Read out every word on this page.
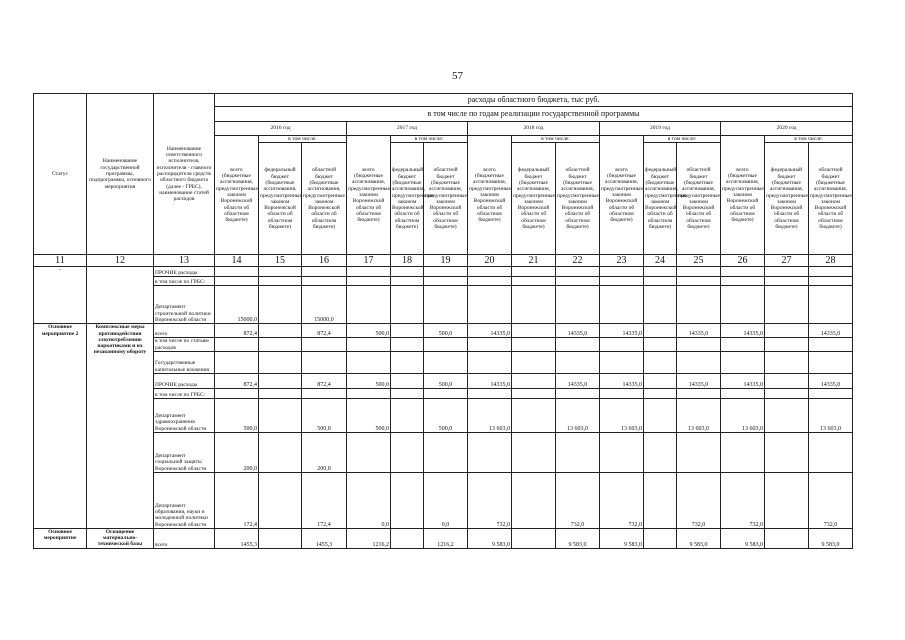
57
Статус	Наименование государственной программы, подпрограммы, основного мероприятия	Наименование ответственного исполнителя, исполнителя - главного распорядителя средств областного бюджета (далее - ГРБС), наименование статей расходов	расходы областного бюджета, тыс руб.															
			в том числе по годам реализации государственной программы															
			2016 год			2017 год			2018 год			2019 год			2020 год			
			всего (бюджетные ассигнования, предусмотренные законом Воронежской области об областном бюджете)	в том числе:		всего (бюджетные ассигнования, предусмотренные законом Воронежской области об областном бюджете)	в том числе:		всего (бюджетные ассигнования, предусмотренные законом Воронежской области об областном бюджете)	в том числе:		всего (бюджетные ассигнования, предусмотренные законом Воронежской области об областном бюджете)	в том числе:		всего (бюджетные ассигнования, предусмотренные законом Воронежской области об областном бюджете)	в том числе:		
				федеральный бюджет (бюджетные ассигнования, предусмотренные законом Воронежской области об областном бюджете)	областной бюджет (бюджетные ассигнования, предусмотренные законом Воронежской области об областном бюджете)		федеральный бюджет (бюджетные ассигнования, предусмотренные законом Воронежской области об областном бюджете)	областной бюджет (бюджетные ассигнования, предусмотренные законом Воронежской области об областном бюджете)		федеральный бюджет (бюджетные ассигнования, предусмотренные законом Воронежской области об областном бюджете)	областной бюджет (бюджетные ассигнования, предусмотренные законом Воронежской области об областном бюджете)		федеральный бюджет (бюджетные ассигнования, предусмотренные законом Воронежской области об областном бюджете)	областной бюджет (бюджетные ассигнования, предусмотренные законом Воронежской области об областном бюджете)		федеральный бюджет (бюджетные ассигнования, предусмотренные законом Воронежской области об областном бюджете)	областной бюджет (бюджетные ассигнования, предусмотренные законом Воронежской области об областном бюджете)	
11	12	13	14	15	16	17	18	19	20	21	22	23	24	25	26	27	28	
-		ПРОЧИЕ расходы																
		в том числе по ГРБС:																
		Департамент строительной политики Воронежской области	15000,0		15000,0													
Основное мероприятие 2	Комплексные меры противодействия злоупотреблению наркотиками и их незаконному обороту	всего	872,4		872,4	500,0		500,0	14335,0		14335,0	14335,0		14335,0	14335,0		14335,0	
		в том числе по статьям расходов																
		Государственные капитальные вложения																
		ПРОЧИЕ расходы	872,4		872,4	500,0		500,0	14335,0		14335,0	14335,0		14335,0	14335,0		14335,0	
		в том числе по ГРБС:																
		Департамент здравоохранения Воронежской области	500,0		500,0	500,0		500,0	13 603,0		13 603,0	13 603,0		13 603,0	13 603,0		13 603,0	
		Департамент социальной защиты Воронежской области	200,0		200,0													
		Департамент образования, науки и молодежной политики Воронежской области	172,4		172,4	0,0		0,0	732,0		732,0	732,0		732,0	732,0		732,0	
Основное мероприятие	Оснащение материально-технической базы	всего	1455,3		1455,3	1216,2		1216,2	9 583,0		9 583,0	9 583,0		9 583,0	9 583,0		9 583,0	
